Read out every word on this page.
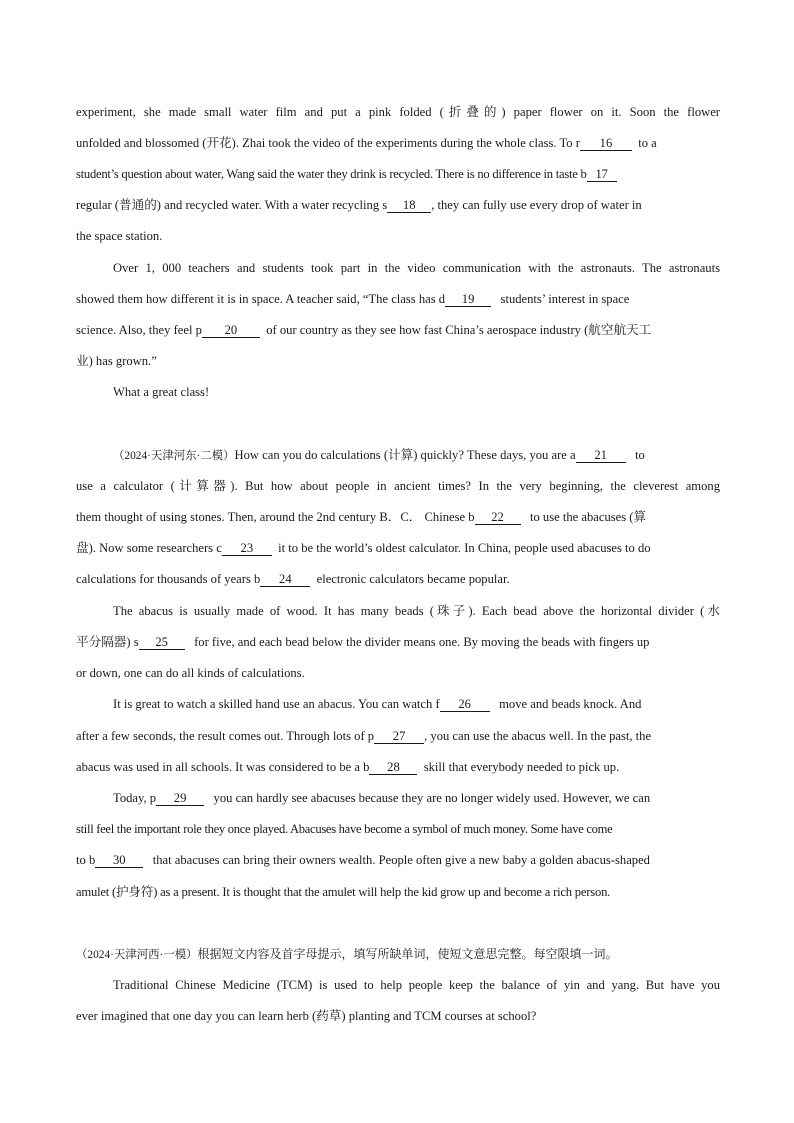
experiment, she made small water film and put a pink folded (折叠的) paper flower on it. Soon the flower
unfolded and blossomed (开花). Zhai took the video of the experiments during the whole class. To r 16 to a
student’s question about water, Wang said the water they drink is recycled. There is no difference in taste b 17
regular (普通的) and recycled water. With a water recycling s 18 , they can fully use every drop of water in
the space station.
Over 1, 000 teachers and students took part in the video communication with the astronauts. The astronauts
showed them how different it is in space. A teacher said, “The class has d 19 students’ interest in space
science. Also, they feel p 20 of our country as they see how fast China’s aerospace industry (航空航天工
业) has grown.”
What a great class!
（2024·天津河东·二模）How can you do calculations (计算) quickly? These days, you are a 21 to
use a calculator (计算器). But how about people in ancient times? In the very beginning, the cleverest among
them thought of using stones. Then, around the 2nd century B．C． Chinese b 22 to use the abacuses (算
盘). Now some researchers c 23 it to be the world’s oldest calculator. In China, people used abacuses to do
calculations for thousands of years b 24 electronic calculators became popular.
The abacus is usually made of wood. It has many beads (珠子). Each bead above the horizontal divider (水
平分隔器) s 25 for five, and each bead below the divider means one. By moving the beads with fingers up
or down, one can do all kinds of calculations.
It is great to watch a skilled hand use an abacus. You can watch f 26 move and beads knock. And
after a few seconds, the result comes out. Through lots of p 27 , you can use the abacus well. In the past, the
abacus was used in all schools. It was considered to be a b 28 skill that everybody needed to pick up.
Today, p 29 you can hardly see abacuses because they are no longer widely used. However, we can
still feel the important role they once played. Abacuses have become a symbol of much money. Some have come
to b 30 that abacuses can bring their owners wealth. People often give a new baby a golden abacus-shaped
amulet (护身符) as a present. It is thought that the amulet will help the kid grow up and become a rich person.
（2024·天津河西·一模）根据短文内容及首字母提示，填写所缺单词，使短文意思完整。每空限填一词。
Traditional Chinese Medicine (TCM) is used to help people keep the balance of yin and yang. But have you
ever imagined that one day you can learn herb (药草) planting and TCM courses at school?
